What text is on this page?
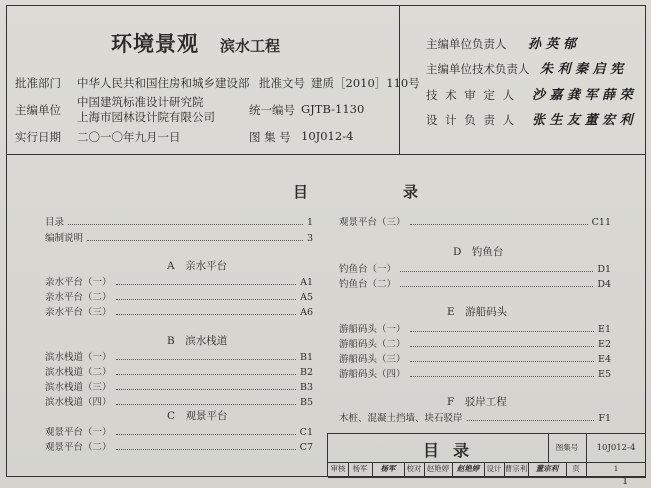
环境景观 滨水工程
批准部门 中华人民共和国住房和城乡建设部 批准文号 建质［2010］110号
主编单位
中国建筑标准设计研究院
上海市园林设计院有限公司	统一编号 GJTB-1130
实行日期 二〇一〇年九月一日	图 集 号 10J012-4
主编单位负责人 孙 英 郁
主编单位技术负责人 朱 利 秦 启 宪
技 术 审 定 人 沙 嘉 龚 军 薛 荣
设 计 负 责 人 张 生 友 董 宏 利
目　录
目录	1
编制说明	3
A　亲水平台
亲水平台（一）	A1
亲水平台（二）	A5
亲水平台（三）	A6
B　滨水栈道
滨水栈道（一）	B1
滨水栈道（二）	B2
滨水栈道（三）	B3
滨水栈道（四）	B5
C　观景平台
观景平台（一）	C1
观景平台（二）	C7
观景平台（三）	C11
D　钓鱼台
钓鱼台（一）	D1
钓鱼台（二）	D4
E　游船码头
游船码头（一）	E1
游船码头（二）	E2
游船码头（三）	E4
游船码头（四）	E5
F　驳岸工程
木桩、混凝土挡墙、块石驳岸	F1
目录	图集号	10J012-4
审核 杨军	杨军	校对 赵艳婷	赵艳婷 设计 曹宗利	董宗利	页	1
1
